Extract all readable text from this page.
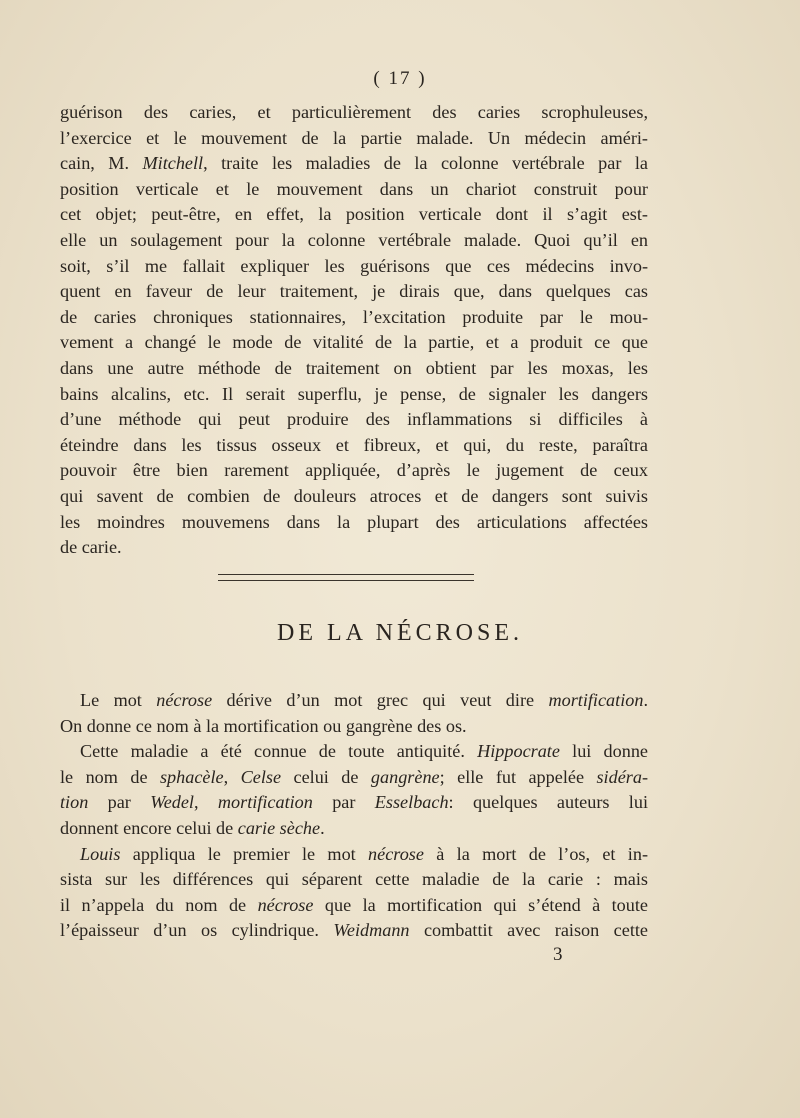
( 17 )
guérison des caries, et particulièrement des caries scrophuleuses,
l’exercice et le mouvement de la partie malade. Un médecin améri-
cain, M. Mitchell, traite les maladies de la colonne vertébrale par la
position verticale et le mouvement dans un chariot construit pour
cet objet; peut-être, en effet, la position verticale dont il s’agit est-
elle un soulagement pour la colonne vertébrale malade. Quoi qu’il en
soit, s’il me fallait expliquer les guérisons que ces médecins invo-
quent en faveur de leur traitement, je dirais que, dans quelques cas
de caries chroniques stationnaires, l’excitation produite par le mou-
vement a changé le mode de vitalité de la partie, et a produit ce que
dans une autre méthode de traitement on obtient par les moxas, les
bains alcalins, etc. Il serait superflu, je pense, de signaler les dangers
d’une méthode qui peut produire des inflammations si difficiles à
éteindre dans les tissus osseux et fibreux, et qui, du reste, paraîtra
pouvoir être bien rarement appliquée, d’après le jugement de ceux
qui savent de combien de douleurs atroces et de dangers sont suivis
les moindres mouvemens dans la plupart des articulations affectées
de carie.
DE LA NÉCROSE.
Le mot nécrose dérive d’un mot grec qui veut dire mortification.
On donne ce nom à la mortification ou gangrène des os.
Cette maladie a été connue de toute antiquité. Hippocrate lui donne
le nom de sphacèle, Celse celui de gangrène; elle fut appelée sidéra-
tion par Wedel, mortification par Esselbach: quelques auteurs lui
donnent encore celui de carie sèche.
Louis appliqua le premier le mot nécrose à la mort de l’os, et in-
sista sur les différences qui séparent cette maladie de la carie : mais
il n’appela du nom de nécrose que la mortification qui s’étend à toute
l’épaisseur d’un os cylindrique. Weidmann combattit avec raison cette
3
